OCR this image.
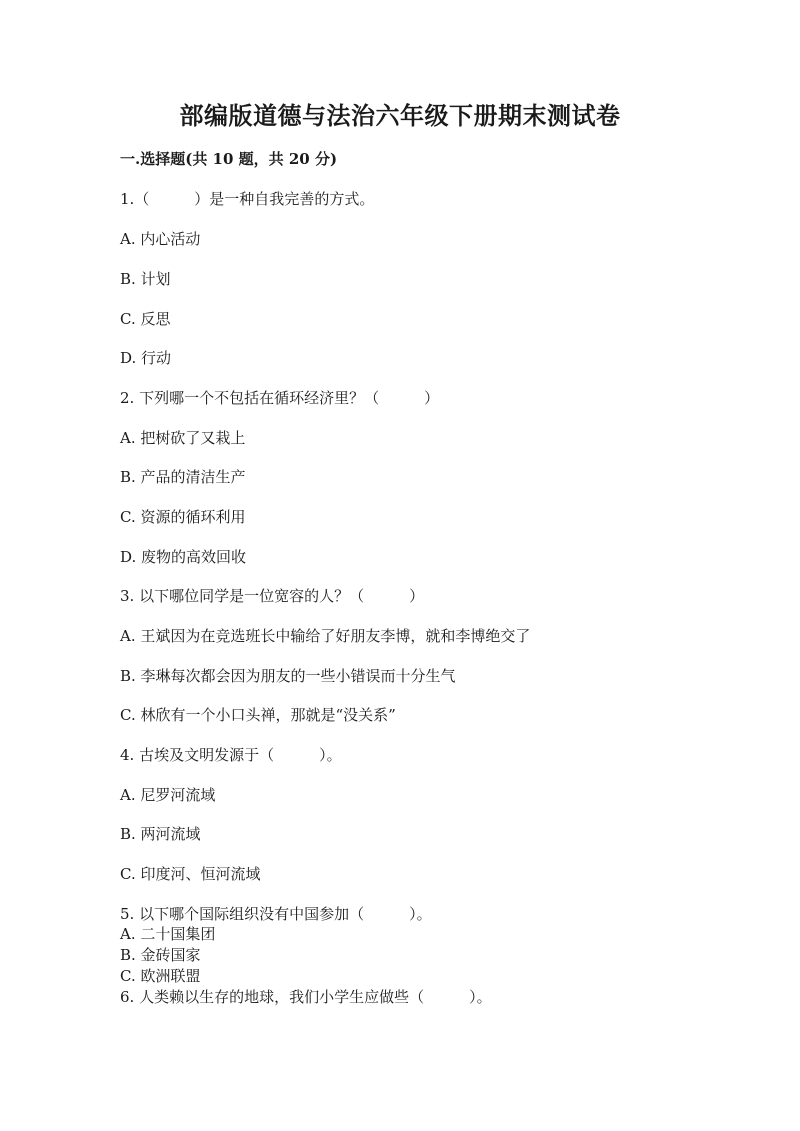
部编版道德与法治六年级下册期末测试卷
一.选择题(共 10 题，共 20 分)
1.（　　　）是一种自我完善的方式。
A. 内心活动
B. 计划
C. 反思
D. 行动
2. 下列哪一个不包括在循环经济里？（　　　）
A. 把树砍了又栽上
B. 产品的清洁生产
C. 资源的循环利用
D. 废物的高效回收
3. 以下哪位同学是一位宽容的人？（　　　）
A. 王斌因为在竞选班长中输给了好朋友李博，就和李博绝交了
B. 李琳每次都会因为朋友的一些小错误而十分生气
C. 林欣有一个小口头禅，那就是“没关系”
4. 古埃及文明发源于（　　　）。
A. 尼罗河流域
B. 两河流域
C. 印度河、恒河流域
5. 以下哪个国际组织没有中国参加（　　　）。
A. 二十国集团
B. 金砖国家
C. 欧洲联盟
6. 人类赖以生存的地球，我们小学生应做些（　　　）。
